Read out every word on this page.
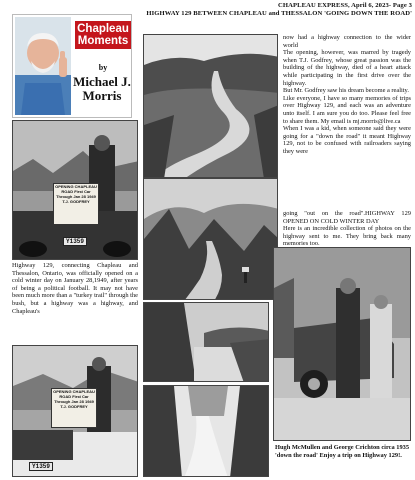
CHAPLEAU EXPRESS, April 6, 2023- Page 3
HIGHWAY 129 BETWEEN CHAPLEAU and THESSALON 'GOING DOWN THE ROAD'
Chapleau Moments
by
Michael J. Morris
OPENING CHAPLEAU ROAD First Car Through Jan 28 1949 T.J. GODFREY
Y1359
now had a highway connection to the wider world
The opening, however, was marred by tragedy when T.J. Godfrey, whose great passion was the building of the highway, died of a heart attack while participating in the first drive over the highway.
But Mr. Godfrey saw his dream become a reality.
Like everyone, I have so many memories of trips over Highway 129, and each was an adventure unto itself. I am sure you do too. Please feel free to share them. My email is mj.morris@live.ca
When I was a kid, when someone said they were going for a "down the road" it meant Highway 129, not to be confused with railroaders saying they were
going "out on the road".HIGHWAY 129 OPENED ON COLD WINTER DAY
Here is an incredible collection of photos on the highway sent to me. They bring back many memories too.
Highway 129, connecting Chapleau and Thessalon, Ontario, was officially opened on a cold winter day on January 28,1949, after years of being a political football. It may not have been much more than a "turkey trail" through the bush, but a highway was a highway, and Chapleau's
OPENING CHAPLEAU ROAD First Car Through Jan 28 1949 T.J. GODFREY
Y1359
Hugh McMullen and George Crichton circa 1935 'down the road' Enjoy a trip on Highway 129!.
